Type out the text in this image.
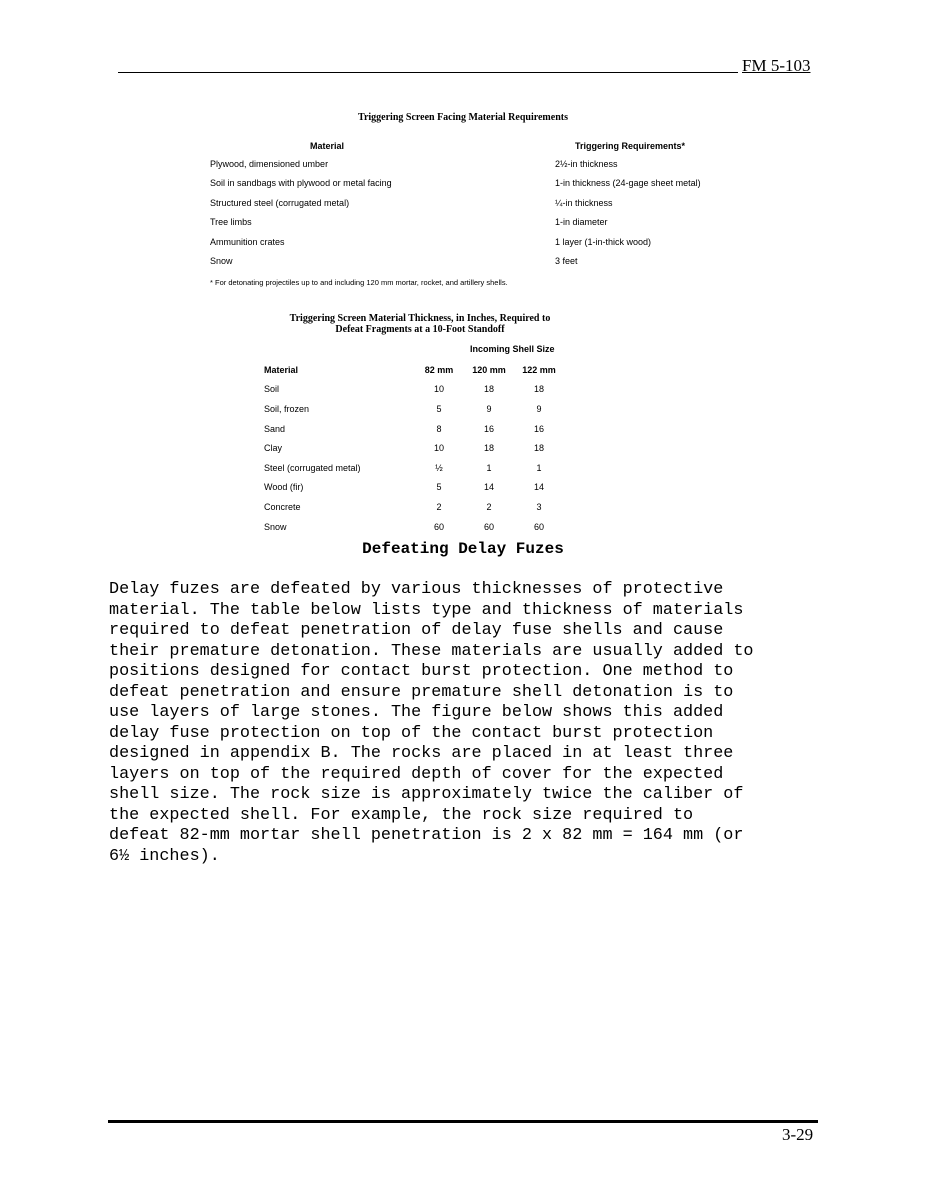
FM 5-103
Triggering Screen Facing Material Requirements
Material	Triggering Requirements*
Plywood, dimensioned umber	2½-in thickness
Soil in sandbags with plywood or metal facing	1-in thickness (24-gage sheet metal)
Structured steel (corrugated metal)	¼-in thickness
Tree limbs	1-in diameter
Ammunition crates	1 layer (1-in-thick wood)
Snow	3 feet
* For detonating projectiles up to and including 120 mm mortar, rocket, and artillery shells.
Triggering Screen Material Thickness, in Inches, Required to
Defeat Fragments at a 10-Foot Standoff
Incoming Shell Size
Material	82 mm	120 mm	122 mm
Soil	10	18	18
Soil, frozen	5	9	9
Sand	8	16	16
Clay	10	18	18
Steel (corrugated metal)	½	1	1
Wood (fir)	5	14	14
Concrete	2	2	3
Snow	60	60	60
Defeating Delay Fuzes
Delay fuzes are defeated by various thicknesses of protective
material. The table below lists type and thickness of materials
required to defeat penetration of delay fuse shells and cause
their premature detonation. These materials are usually added to
positions designed for contact burst protection. One method to
defeat penetration and ensure premature shell detonation is to
use layers of large stones. The figure below shows this added
delay fuse protection on top of the contact burst protection
designed in appendix B. The rocks are placed in at least three
layers on top of the required depth of cover for the expected
shell size. The rock size is approximately twice the caliber of
the expected shell. For example, the rock size required to
defeat 82-mm mortar shell penetration is 2 x 82 mm = 164 mm (or
6½ inches).
3-29
